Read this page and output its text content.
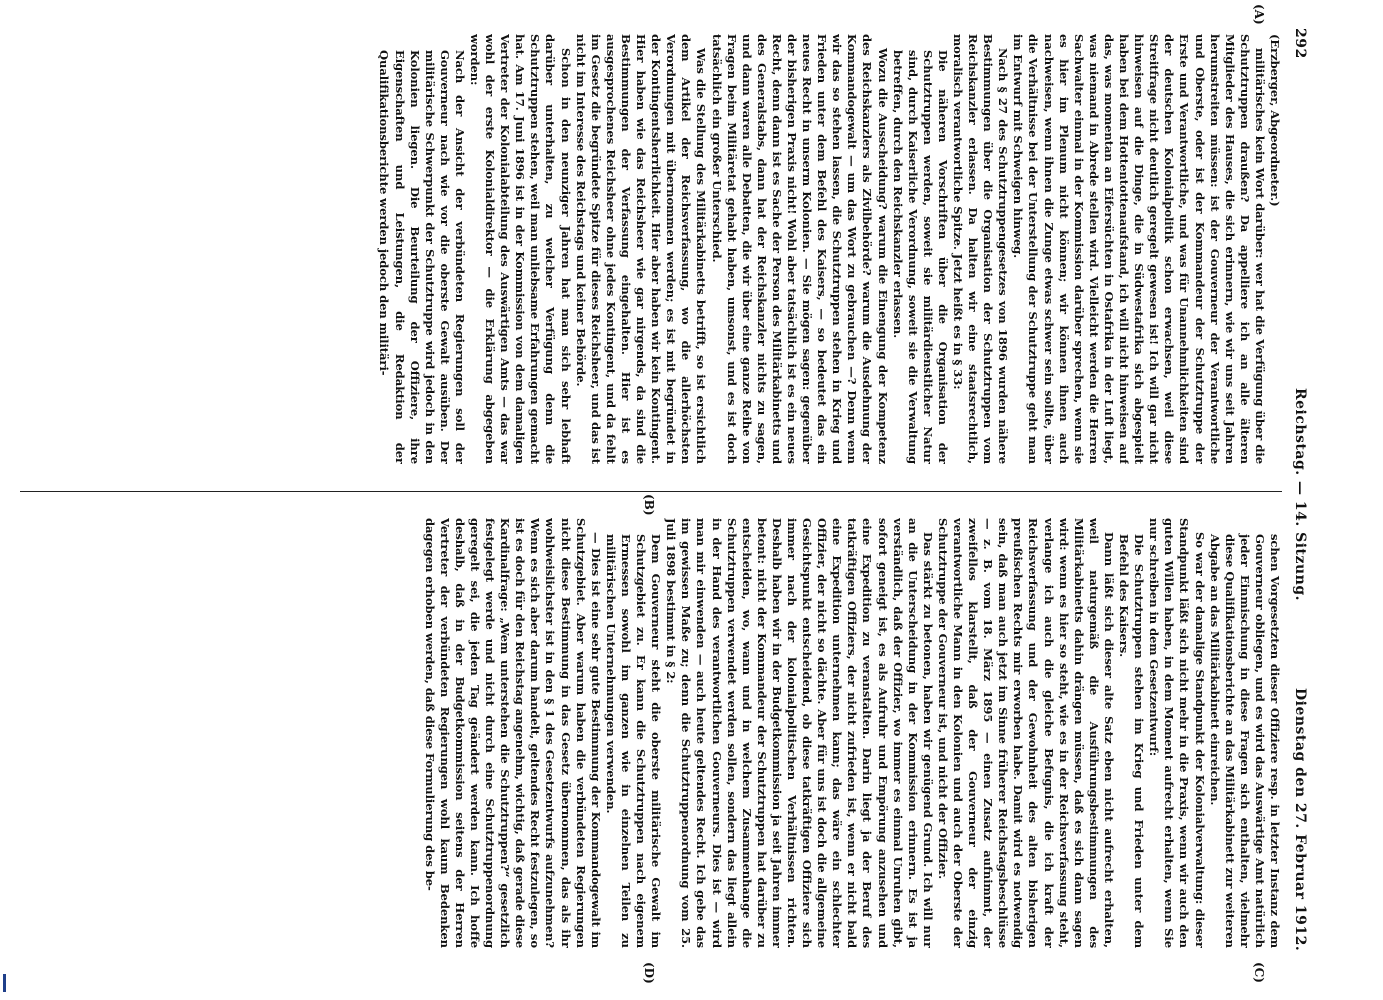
292
Reichstag. — 14. Sitzung.
Dienstag den 27. Februar 1912.
(A)
(B)
(C)
(D)

(Erzberger, Abgeordneter.)

militärisches kein Wort darüber: wer hat die Verfügung über die Schutztruppen draußen? Da appelliere ich an alle älteren Mitglieder des Hauses, die sich erinnern, wie wir uns seit Jahren herumstreiten müssen: ist der Gouverneur der Verantwortliche und Oberste, oder ist der Kommandeur der Schutztruppe der Erste und Verantwortliche, und was für Unannehmlichkeiten sind der deutschen Kolonialpolitik schon erwachsen, weil diese Streitfrage nicht deutlich geregelt gewesen ist! Ich will gar nicht hinweisen auf die Dinge, die in Südwestafrika sich abgespielt haben bei dem Hottentottenaufstand, ich will nicht hinweisen auf das, was momentan an Eifersüchten in Ostafrika in der Luft liegt, was niemand in Abrede stellen wird. Vielleicht werden die Herren Sachwalter einmal in der Kommission darüber sprechen, wenn sie es hier im Plenum nicht können; wir können ihnen auch nachweisen, wenn ihnen die Zunge etwas schwer sein sollte, über die Verhältnisse bei der Unterstellung der Schutztruppe geht man im Entwurf mit Schweigen hinweg.

Nach § 27 des Schutztruppengesetzes von 1896 wurden nähere Bestimmungen über die Organisation der Schutztruppen vom Reichskanzler erlassen. Da halten wir eine staatsrechtlich, moralisch verantwortliche Spitze. Jetzt heißt es in § 33:

Die näheren Vorschriften über die Organisation der Schutztruppen werden, soweit sie militärdienstlicher Natur sind, durch Kaiserliche Verordnung, soweit sie die Verwaltung betreffen, durch den Reichskanzler erlassen.

Wozu die Ausscheidung? warum die Einengung der Kompetenz des Reichskanzlers als Zivilbehörde? warum die Ausdehnung der Kommandogewalt — um das Wort zu gebrauchen —? Denn wenn wir das so stehen lassen, die Schutztruppen stehen in Krieg und Frieden unter dem Befehl des Kaisers, — so bedeutet das ein neues Recht in unserm Kolonien. — Sie mögen sagen: gegenüber der bisherigen Praxis nicht! Wohl aber tatsächlich ist es ein neues Recht, denn dann ist es Sache der Person des Militärkabinetts und des Generalstabs, dann hat der Reichskanzler nichts zu sagen, und dann waren alle Debatten, die wir über eine ganze Reihe von Fragen beim Militäretat gehabt haben, umsonst, und es ist doch tatsächlich ein großer Unterschied.

Was die Stellung des Militärkabinetts betrifft, so ist ersichtlich dem Artikel der Reichsverfassung, wo die allerhöchsten Verordnungen mit übernommen werden; es ist mit begründet in der Kontingentsherrlichkeit. Hier aber haben wir kein Kontingent. Hier haben wie das Reichsheer wie gar nirgends, da sind die Bestimmungen der Verfassung eingehalten. Hier ist es ausgesprochenes Reichsheer ohne jedes Kontingent, und da fehlt im Gesetz die begründete Spitze für dieses Reichsheer, und das ist nicht im Interesse des Reichstags und keiner Behörde.

Schon in den neunziger Jahren hat man sich sehr lebhaft darüber unterhalten, zu welcher Verfügung denn die Schutztruppen stehen, weil man unliebsame Erfahrungen gemacht hat. Am 17. Juni 1896 ist in der Kommission von dem damaligen Vertreter der Kolonialabteilung des Auswärtigen Amts — das war wohl der erste Kolonialdirektor — die Erklärung abgegeben worden:

Nach der Ansicht der verbündeten Regierungen soll der Gouverneur nach wie vor die oberste Gewalt ausüben. Der militärische Schwerpunkt der Schutztruppe wird jedoch in den Kolonien liegen. Die Beurteilung der Offiziere, ihre Eigenschaften und Leistungen, die Redaktion der Qualifikationsberichte werden jedoch den militäri-

schen Vorgesetzten dieser Offiziere resp. in letzter Instanz dem Gouverneur obliegen, und es wird das Auswärtige Amt natürlich jeder Einmischung in diese Fragen sich enthalten, vielmehr diese Qualifikationsberichte an das Militärkabinett zur weiteren Abgabe an das Militärkabinett einreichen.

So war der damalige Standpunkt der Kolonialverwaltung: dieser Standpunkt läßt sich nicht mehr in die Praxis, wenn wir auch den guten Willen haben, in dem Moment aufrecht erhalten, wenn Sie nur schreiben in dem Gesetzentwurf:

Die Schutztruppen stehen im Krieg und Frieden unter dem Befehl des Kaisers.

Dann läßt sich dieser alte Satz eben nicht aufrecht erhalten, weil naturgemäß die Ausführungsbestimmungen des Militärkabinetts dahin drängen müssen, daß es sich dann sagen wird: wenn es hier so steht, wie es in der Reichsverfassung steht, verlange ich auch die gleiche Befugnis, die ich kraft der Reichsverfassung und der Gewohnheit des alten bisherigen preußischen Rechts mir erworben habe. Damit wird es notwendig sein, daß man auch jetzt im Sinne früherer Reichstagsbeschlüsse — z. B. vom 18. März 1895 — einen Zusatz aufnimmt, der zweifellos klarstellt, daß der Gouverneur der einzig verantwortliche Mann in den Kolonien und auch der Oberste der Schutztruppe der Gouverneur ist, und nicht der Offizier.

Das stärkt zu betonen, haben wir genügend Grund. Ich will nur an die Unterscheidung in der Kommission erinnern. Es ist ja verständlich, daß der Offizier, wo immer es einmal Unruhen gibt, sofort geneigt ist, es als Aufruhr und Empörung anzusehen und eine Expedition zu veranstalten. Darin liegt ja der Beruf des tatkräftigen Offiziers, der nicht zufrieden ist, wenn er nicht bald eine Expedition unternehmen kann; das wäre ein schlechter Offizier, der nicht so dächte. Aber für uns ist doch die allgemeine Gesichtspunkt entscheidend, ob diese tatkräftigen Offiziere sich immer nach der kolonialpolitischen Verhältnissen richten. Deshalb haben wir in der Budgetkommission ja seit Jahren immer betont: nicht der Kommandeur der Schutztruppen hat darüber zu entscheiden, wo, wann und in welchem Zusammenhange die Schutztruppen verwendet werden sollen, sondern das liegt allein in der Hand des verantwortlichen Gouverneurs. Dies ist — wird man mir einwenden — auch heute geltendes Recht. Ich gebe das im gewissen Maße zu; denn die Schutztruppenordnung vom 25. Juli 1898 bestimmt in § 2:

Dem Gouverneur steht die oberste militärische Gewalt im Schutzgebiet zu. Er kann die Schutztruppen nach eigenem Ermessen sowohl im ganzen wie in einzelnen Teilen zu militärischen Unternehmungen verwenden.

— Dies ist eine sehr gute Bestimmung der Kommandogewalt im Schutzgebiet. Aber warum haben die verbündeten Regierungen nicht diese Bestimmung in das Gesetz übernommen, das als ihr wohlweislichster ist in den § 1 des Gesetzentwurfs aufzunehmen? Wenn es sich aber darum handelt, geltendes Recht festzulegen, so ist es doch für den Reichstag angenehm, wichtig, daß gerade diese Kardinalfrage: „Wem unterstehen die Schutztruppen?“ gesetzlich festgelegt werde und nicht durch eine Schutztruppenordnung geregelt sei, die jeden Tag geändert werden kann. Ich hoffe deshalb, daß in der Budgetkommission seitens der Herren Vertreter der verbündeten Regierungen wohl kaum Bedenken dagegen erhoben werden, daß diese Formulierung des be-
